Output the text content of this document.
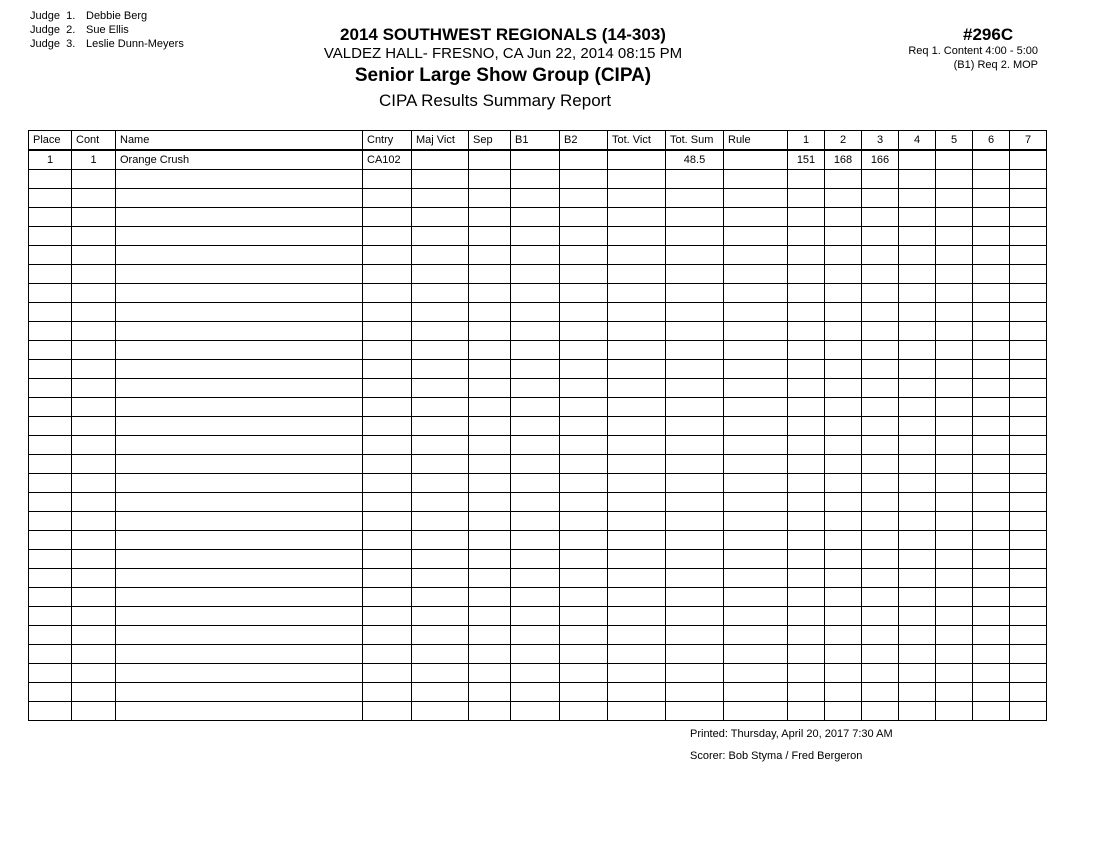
Judge  1. Debbie Berg
Judge  2. Sue Ellis
Judge  3. Leslie Dunn-Meyers	2014 SOUTHWEST REGIONALS (14-303)
VALDEZ HALL- FRESNO, CA Jun 22, 2014 08:15 PM
Senior Large Show Group (CIPA)
CIPA Results Summary Report
#296C
Req 1. Content 4:00 - 5:00
(B1) Req 2. MOP
Place	Cont	Name	Cntry	Maj Vict	Sep	B1	B2	Tot. Vict	Tot. Sum	Rule	1	2	3	4	5	6	7
1	1	Orange Crush	CA102						48.5		151	168	166				

Printed: Thursday, April 20, 2017 7:30 AM
Scorer: Bob Styma / Fred Bergeron
